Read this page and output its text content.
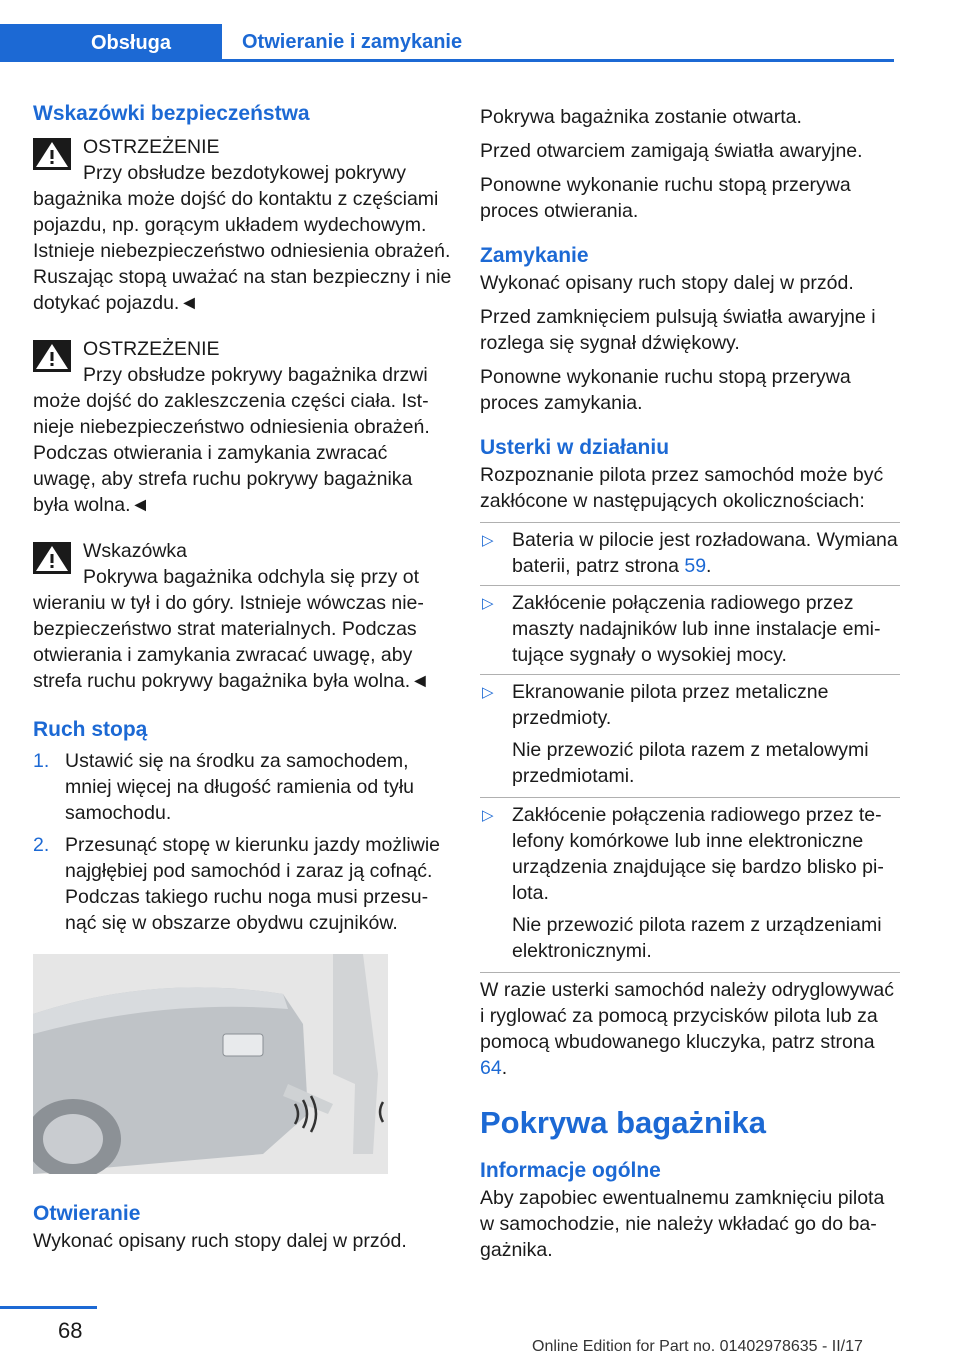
Obsługa	Otwieranie i zamykanie
Wskazówki bezpieczeństwa
OSTRZEŻENIE
Przy obsłudze bezdotykowej pokrywy
bagażnika może dojść do kontaktu z częściami pojazdu, np. gorącym układem wydechowym. Istnieje niebezpieczeństwo odniesienia obrażeń. Ruszając stopą uważać na stan bezpieczny i nie dotykać pojazdu.◄
OSTRZEŻENIE
Przy obsłudze pokrywy bagażnika drzwi
może dojść do zakleszczenia części ciała. Istnieje niebezpieczeństwo odniesienia obrażeń. Podczas otwierania i zamykania zwracać uwagę, aby strefa ruchu pokrywy bagażnika była wolna.◄
Wskazówka
Pokrywa bagażnika odchyla się przy ot
wieraniu w tył i do góry. Istnieje wówczas niebezpieczeństwo strat materialnych. Podczas otwierania i zamykania zwracać uwagę, aby strefa ruchu pokrywy bagażnika była wolna.◄
Ruch stopą
1. Ustawić się na środku za samochodem, mniej więcej na długość ramienia od tyłu samochodu.
2. Przesunąć stopę w kierunku jazdy możliwie najgłębiej pod samochód i zaraz ją cofnąć. Podczas takiego ruchu noga musi przesunąć się w obszarze obydwu czujników.
Otwieranie

Wykonać opisany ruch stopy dalej w przód.

Pokrywa bagażnika zostanie otwarta.

Przed otwarciem zamigają światła awaryjne.

Ponowne wykonanie ruchu stopą przerywa proces otwierania.

Zamykanie

Wykonać opisany ruch stopy dalej w przód.

Przed zamknięciem pulsują światła awaryjne i rozlega się sygnał dźwiękowy.

Ponowne wykonanie ruchu stopą przerywa proces zamykania.

Usterki w działaniu

Rozpoznanie pilota przez samochód może być zakłócone w następujących okolicznościach:

▷ Bateria w pilocie jest rozładowana. Wymiana baterii, patrz strona 59.
▷ Zakłócenie połączenia radiowego przez maszty nadajników lub inne instalacje emitujące sygnały o wysokiej mocy.
▷ Ekranowanie pilota przez metaliczne przedmioty.

Nie przewozić pilota razem z metalowymi przedmiotami.

▷ Zakłócenie połączenia radiowego przez telefony komórkowe lub inne elektroniczne urządzenia znajdujące się bardzo blisko pilota.

Nie przewozić pilota razem z urządzeniami elektronicznymi.

W razie usterki samochód należy odryglowywać i ryglować za pomocą przycisków pilota lub za pomocą wbudowanego kluczyka, patrz strona 64.

Pokrywa bagażnika
Informacje ogólne

Aby zapobiec ewentualnemu zamknięciu pilota w samochodzie, nie należy wkładać go do bagażnika.

68
Online Edition for Part no. 01402978635 - II/17
